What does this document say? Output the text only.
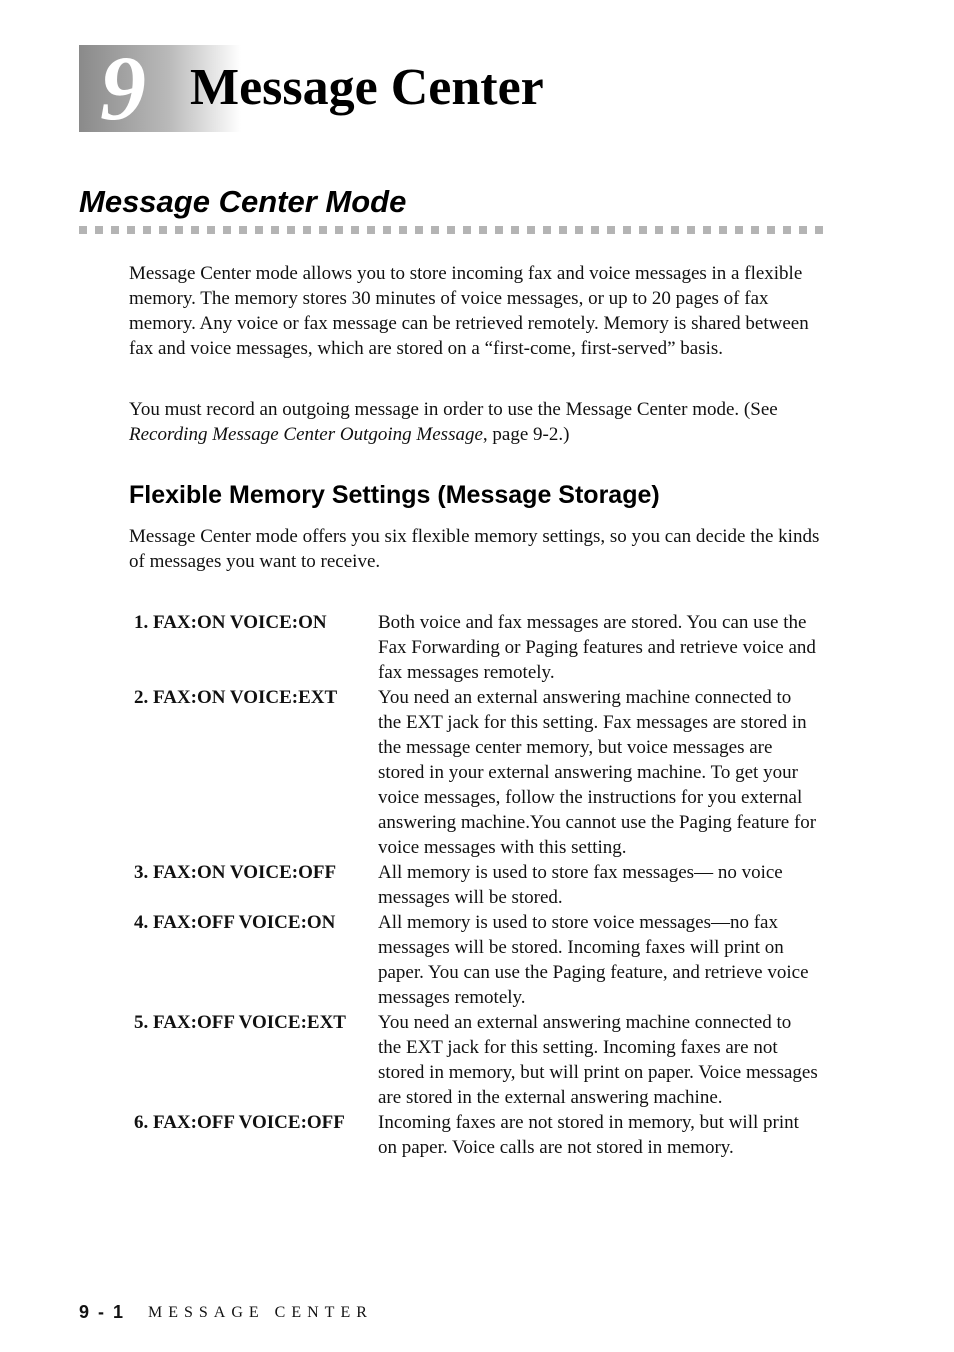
9 Message Center
Message Center Mode

Message Center mode allows you to store incoming fax and voice messages in a flexible memory. The memory stores 30 minutes of voice messages, or up to 20 pages of fax memory. Any voice or fax message can be retrieved remotely. Memory is shared between fax and voice messages, which are stored on a “first-come, first-served” basis.

You must record an outgoing message in order to use the Message Center mode. (See Recording Message Center Outgoing Message, page 9-2.)

Flexible Memory Settings (Message Storage)

Message Center mode offers you six flexible memory settings, so you can decide the kinds of messages you want to receive.

1. FAX:ON VOICE:ON	Both voice and fax messages are stored. You can use the Fax Forwarding or Paging features and retrieve voice and fax messages remotely.
2. FAX:ON VOICE:EXT	You need an external answering machine connected to the EXT jack for this setting. Fax messages are stored in the message center memory, but voice messages are stored in your external answering machine. To get your voice messages, follow the instructions for you external answering machine.You cannot use the Paging feature for voice messages with this setting.
3. FAX:ON VOICE:OFF	All memory is used to store fax messages— no voice messages will be stored.
4. FAX:OFF VOICE:ON	All memory is used to store voice messages—no fax messages will be stored. Incoming faxes will print on paper. You can use the Paging feature, and retrieve voice messages remotely.
5. FAX:OFF VOICE:EXT	You need an external answering machine connected to the EXT jack for this setting. Incoming faxes are not stored in memory, but will print on paper. Voice messages are stored in the external answering machine.
6. FAX:OFF VOICE:OFF	Incoming faxes are not stored in memory, but will print on paper. Voice calls are not stored in memory.
9 - 1 MESSAGE CENTER
